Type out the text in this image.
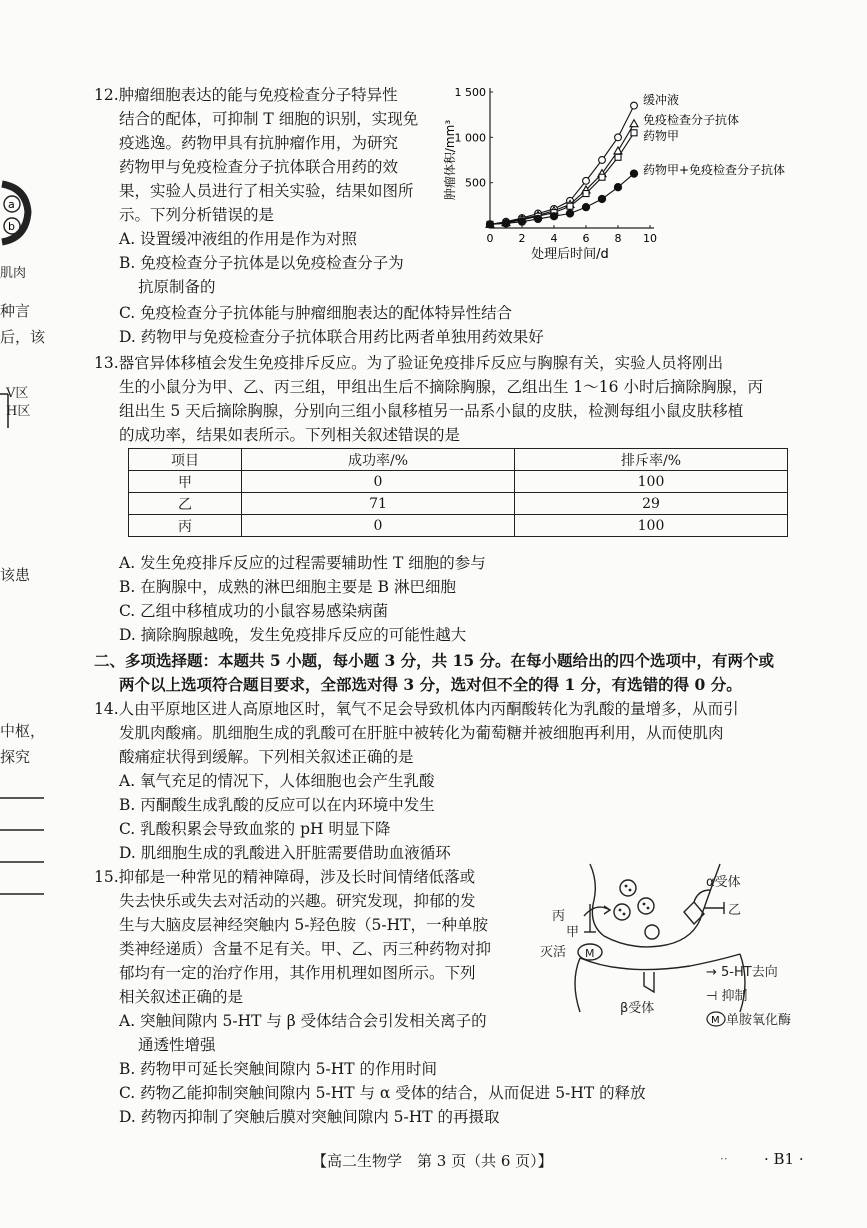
a
b
肌肉
种言
后，该
V区
H区
该患
中枢，
探究
12.肿瘤细胞表达的能与免疫检查分子特异性
结合的配体，可抑制 T 细胞的识别，实现免
疫逃逸。药物甲具有抗肿瘤作用，为研究
药物甲与免疫检查分子抗体联合用药的效
果，实验人员进行了相关实验，结果如图所
示。下列分析错误的是
A. 设置缓冲液组的作用是作为对照
B. 免疫检查分子抗体是以免疫检查分子为
抗原制备的
C. 免疫检查分子抗体能与肿瘤细胞表达的配体特异性结合
D. 药物甲与免疫检查分子抗体联合用药比两者单独用药效果好
0 2 4 6 8 10
500
1 000
1 500
缓冲液
免疫检查分子抗体
药物甲
药物甲+免疫检查分子抗体
处理后时间/d
肿瘤体积/mm³
13.器官异体移植会发生免疫排斥反应。为了验证免疫排斥反应与胸腺有关，实验人员将刚出
生的小鼠分为甲、乙、丙三组，甲组出生后不摘除胸腺，乙组出生 1～16 小时后摘除胸腺，丙
组出生 5 天后摘除胸腺，分别向三组小鼠移植另一品系小鼠的皮肤，检测每组小鼠皮肤移植
的成功率，结果如表所示。下列相关叙述错误的是
项目	成功率/%	排斥率/%
甲	0	100
乙	71	29
丙	0	100
A. 发生免疫排斥反应的过程需要辅助性 T 细胞的参与
B. 在胸腺中，成熟的淋巴细胞主要是 B 淋巴细胞
C. 乙组中移植成功的小鼠容易感染病菌
D. 摘除胸腺越晚，发生免疫排斥反应的可能性越大
二、多项选择题：本题共 5 小题，每小题 3 分，共 15 分。在每小题给出的四个选项中，有两个或
两个以上选项符合题目要求，全部选对得 3 分，选对但不全的得 1 分，有选错的得 0 分。
14.人由平原地区进人高原地区时，氧气不足会导致机体内丙酮酸转化为乳酸的量增多，从而引
发肌肉酸痛。肌细胞生成的乳酸可在肝脏中被转化为葡萄糖并被细胞再利用，从而使肌肉
酸痛症状得到缓解。下列相关叙述正确的是
A. 氧气充足的情况下，人体细胞也会产生乳酸
B. 丙酮酸生成乳酸的反应可以在内环境中发生
C. 乳酸积累会导致血浆的 pH 明显下降
D. 肌细胞生成的乳酸进入肝脏需要借助血液循环
15.抑郁是一种常见的精神障碍，涉及长时间情绪低落或
失去快乐或失去对活动的兴趣。研究发现，抑郁的发
生与大脑皮层神经突触内 5-羟色胺（5-HT，一种单胺
类神经递质）含量不足有关。甲、乙、丙三种药物对抑
郁均有一定的治疗作用，其作用机理如图所示。下列
相关叙述正确的是
A. 突触间隙内 5-HT 与 β 受体结合会引发相关离子的
通透性增强
B. 药物甲可延长突触间隙内 5-HT 的作用时间
C. 药物乙能抑制突触间隙内 5-HT 与 α 受体的结合，从而促进 5-HT 的释放
D. 药物丙抑制了突触后膜对突触间隙内 5-HT 的再摄取
丙
甲
乙
α受体
β受体
灭活 M
→ 5-HT去向
⊣ 抑制
单胺氧化酶
M
【高二生物学　第 3 页（共 6 页）】	·· · B1 ·
